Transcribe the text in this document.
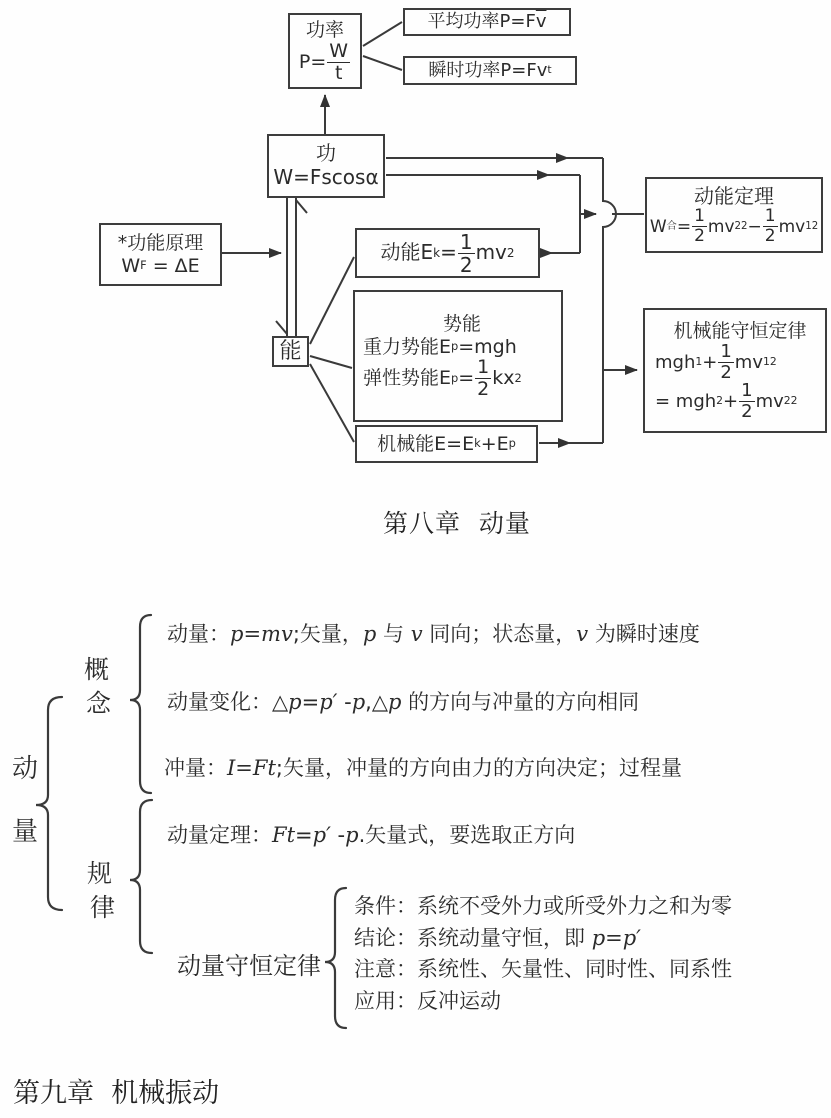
功率
$P= \frac{W}{t}$
平均功率P=F $\overline{v}$
瞬时功率P=Fv t
功
W=Fscosα
*功能原理
W F = ΔE
动能E $k = \frac{1}{2}$ mv 2
势能
重力势能E p =mgh
弹性势能E $p = \frac{1}{2}$ kx 2
能
机械能E=E k +E p
动能定理
W 合 = $\frac{1}{2}$ mv 2 $2 - \frac{1}{2}$ mv 1 2
机械能守恒定律
mgh $1 + \frac{1}{2}$ mv 1 2
= mgh $2 + \frac{1}{2}$ mv 2 2
第八章  动量
动
量
概
念
规
律
动量：p=mv;矢量，p 与 v 同向；状态量，v 为瞬时速度
动量变化：△p=p′ -p,△p 的方向与冲量的方向相同
冲量：I=Ft;矢量，冲量的方向由力的方向决定；过程量
动量定理：Ft=p′ -p.矢量式，要选取正方向
动量守恒定律
条件：系统不受外力或所受外力之和为零
结论：系统动量守恒，即 p=p′
注意：系统性、矢量性、同时性、同系性
应用：反冲运动
第九章  机械振动
